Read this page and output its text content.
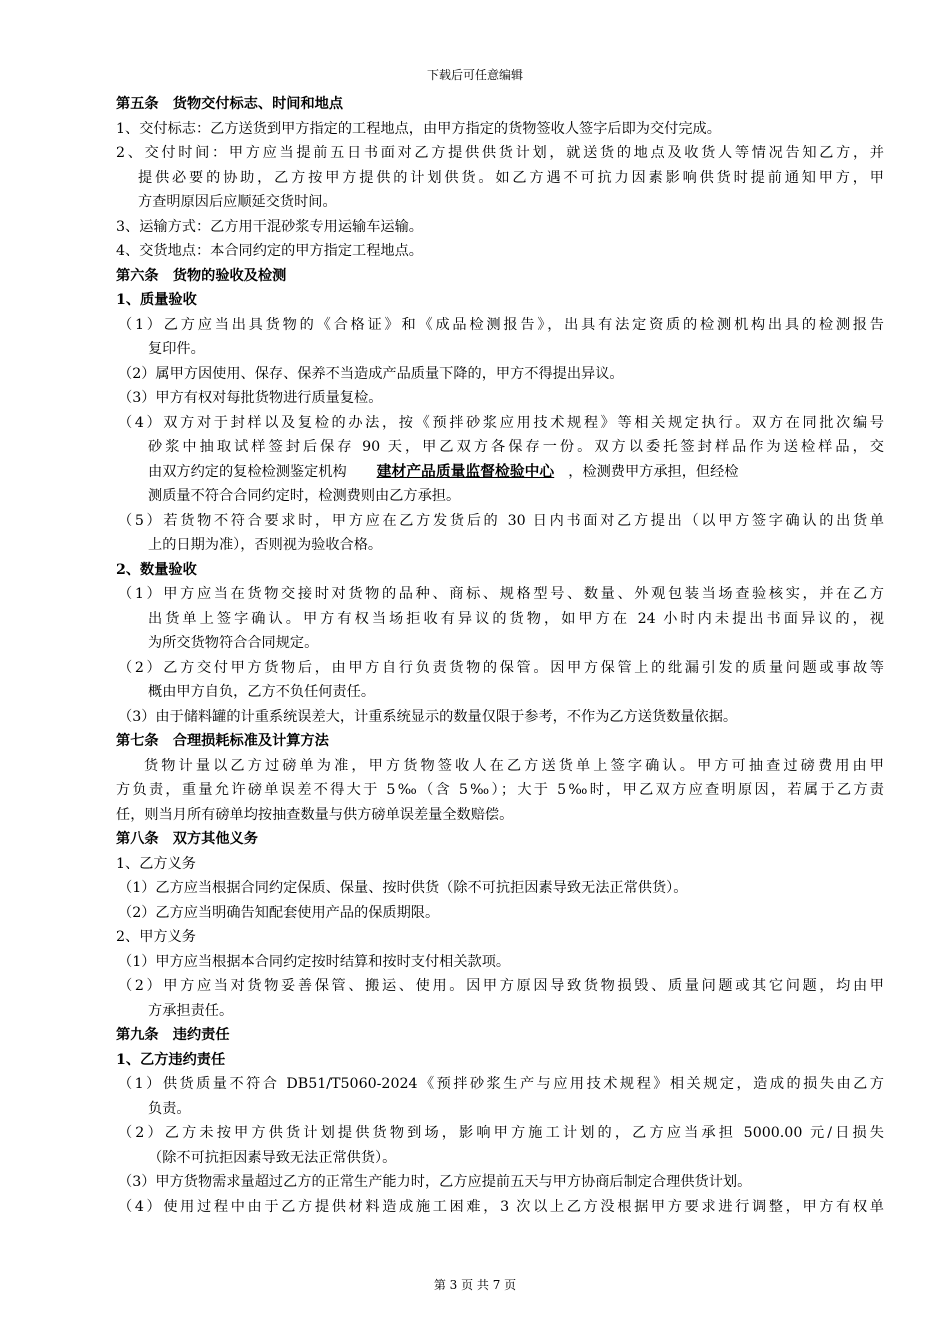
下载后可任意编辑
第五条　货物交付标志、时间和地点
1、交付标志：乙方送货到甲方指定的工程地点，由甲方指定的货物签收人签字后即为交付完成。
2、交付时间：甲方应当提前五日书面对乙方提供供货计划，就送货的地点及收货人等情况告知乙方，并
提供必要的协助，乙方按甲方提供的计划供货。如乙方遇不可抗力因素影响供货时提前通知甲方，甲
方查明原因后应顺延交货时间。
3、运输方式：乙方用干混砂浆专用运输车运输。
4、交货地点：本合同约定的甲方指定工程地点。
第六条　货物的验收及检测
1、质量验收
（1）乙方应当出具货物的《合格证》和《成品检测报告》，出具有法定资质的检测机构出具的检测报告
复印件。
（2）属甲方因使用、保存、保养不当造成产品质量下降的，甲方不得提出异议。
（3）甲方有权对每批货物进行质量复检。
（4）双方对于封样以及复检的办法，按《预拌砂浆应用技术规程》等相关规定执行。双方在同批次编号
砂浆中抽取试样签封后保存 90 天，甲乙双方各保存一份。双方以委托签封样品作为送检样品，交
由双方约定的复检检测鉴定机构 建材产品质量监督检验中心 ，检测费甲方承担，但经检
测质量不符合合同约定时，检测费则由乙方承担。
（5）若货物不符合要求时，甲方应在乙方发货后的 30 日内书面对乙方提出（以甲方签字确认的出货单
上的日期为准），否则视为验收合格。
2、数量验收
（1）甲方应当在货物交接时对货物的品种、商标、规格型号、数量、外观包装当场查验核实，并在乙方
出货单上签字确认。甲方有权当场拒收有异议的货物，如甲方在 24 小时内未提出书面异议的，视
为所交货物符合合同规定。
（2）乙方交付甲方货物后，由甲方自行负责货物的保管。因甲方保管上的纰漏引发的质量问题或事故等
概由甲方自负，乙方不负任何责任。
（3）由于储料罐的计重系统误差大，计重系统显示的数量仅限于参考，不作为乙方送货数量依据。
第七条　合理损耗标准及计算方法
货物计量以乙方过磅单为准，甲方货物签收人在乙方送货单上签字确认。甲方可抽查过磅费用由甲
方负责，重量允许磅单误差不得大于 5‰（含 5‰）；大于 5‰时，甲乙双方应查明原因，若属于乙方责
任，则当月所有磅单均按抽查数量与供方磅单误差量全数赔偿。
第八条　双方其他义务
1、乙方义务
（1）乙方应当根据合同约定保质、保量、按时供货（除不可抗拒因素导致无法正常供货）。
（2）乙方应当明确告知配套使用产品的保质期限。
2、甲方义务
（1）甲方应当根据本合同约定按时结算和按时支付相关款项。
（2）甲方应当对货物妥善保管、搬运、使用。因甲方原因导致货物损毁、质量问题或其它问题，均由甲
方承担责任。
第九条　违约责任
1、乙方违约责任
（1）供货质量不符合 DB51/T5060-2024《预拌砂浆生产与应用技术规程》相关规定，造成的损失由乙方
负责。
（2）乙方未按甲方供货计划提供货物到场，影响甲方施工计划的，乙方应当承担 5000.00 元/日损失
（除不可抗拒因素导致无法正常供货）。
（3）甲方货物需求量超过乙方的正常生产能力时，乙方应提前五天与甲方协商后制定合理供货计划。
（4）使用过程中由于乙方提供材料造成施工困难，3 次以上乙方没根据甲方要求进行调整，甲方有权单
第 3 页 共 7 页
